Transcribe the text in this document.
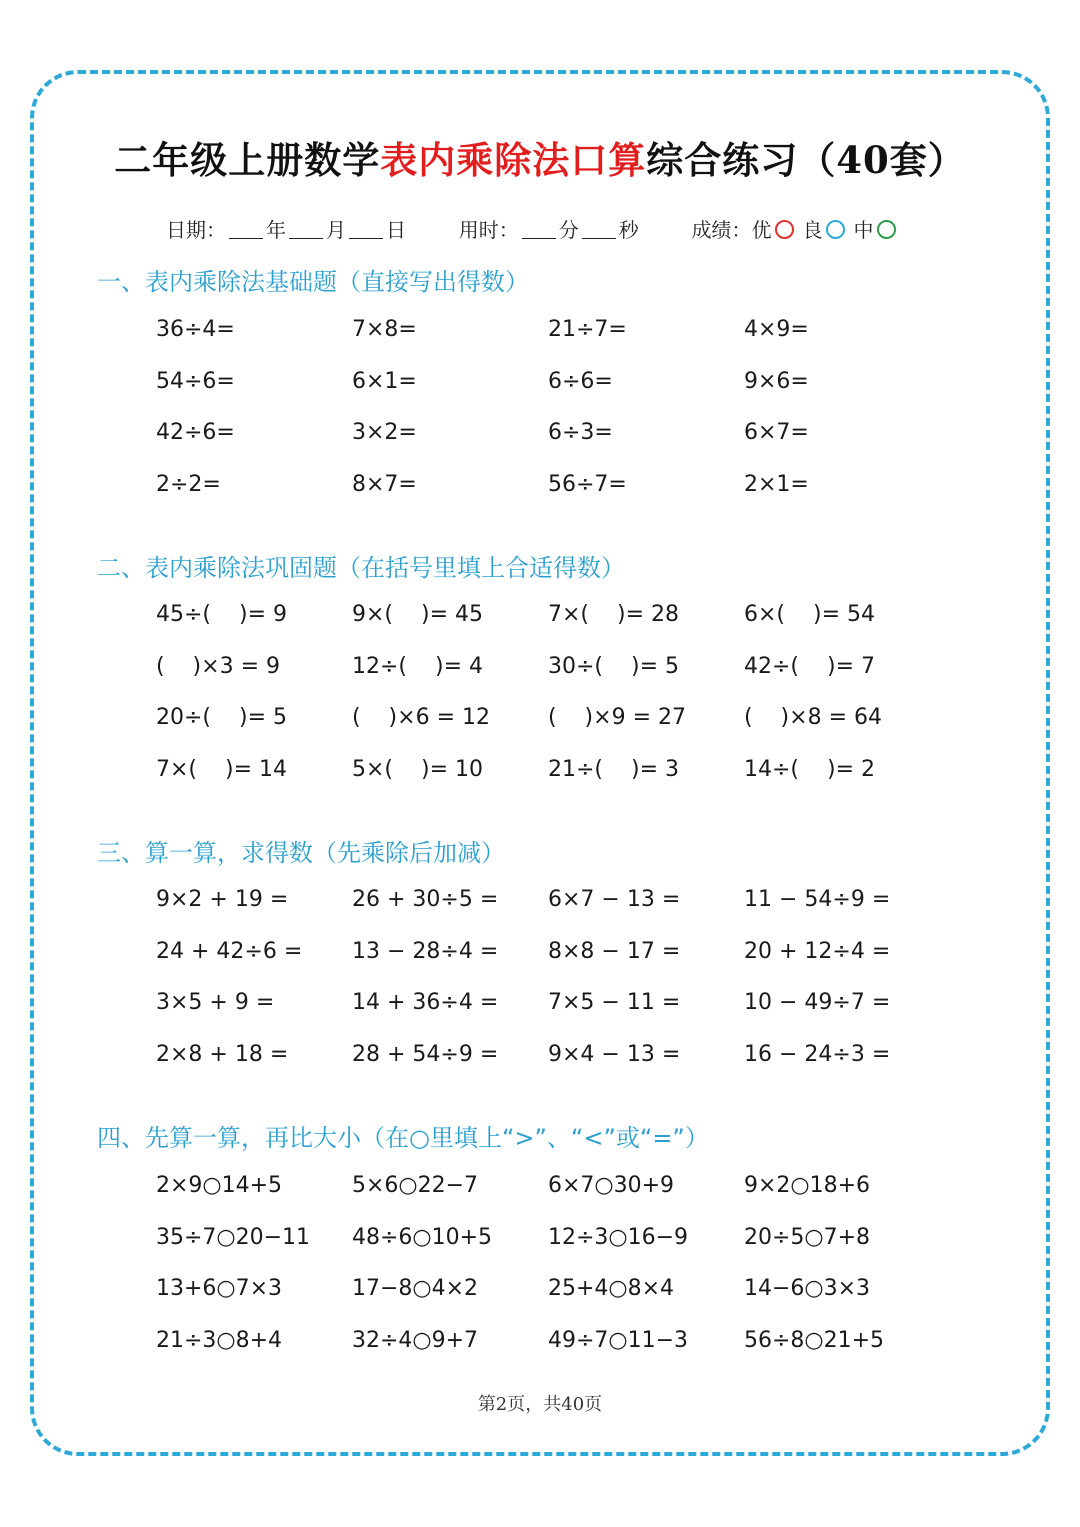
二年级上册数学表内乘除法口算综合练习（40套）
日期： 年 月 日	用时： 分 秒	成绩：优 良 中
一、表内乘除法基础题（直接写出得数）
36÷4=	7×8=	21÷7=	4×9=
54÷6=	6×1=	6÷6=	9×6=
42÷6=	3×2=	6÷3=	6×7=
2÷2=	8×7=	56÷7=	2×1=
二、表内乘除法巩固题（在括号里填上合适得数）
45÷(    )= 9	9×(    )= 45	7×(    )= 28	6×(    )= 54
(    )×3 = 9	12÷(    )= 4	30÷(    )= 5	42÷(    )= 7
20÷(    )= 5	(    )×6 = 12	(    )×9 = 27	(    )×8 = 64
7×(    )= 14	5×(    )= 10	21÷(    )= 3	14÷(    )= 2
三、算一算，求得数（先乘除后加减）
9×2 + 19 =	26 + 30÷5 =	6×7 − 13 =	11 − 54÷9 =
24 + 42÷6 =	13 − 28÷4 =	8×8 − 17 =	20 + 12÷4 =
3×5 + 9 =	14 + 36÷4 =	7×5 − 11 =	10 − 49÷7 =
2×8 + 18 =	28 + 54÷9 =	9×4 − 13 =	16 − 24÷3 =
四、先算一算，再比大小（在○里填上“>”、“<”或“=”）
2×9○14+5	5×6○22−7	6×7○30+9	9×2○18+6
35÷7○20−11	48÷6○10+5	12÷3○16−9	20÷5○7+8
13+6○7×3	17−8○4×2	25+4○8×4	14−6○3×3
21÷3○8+4	32÷4○9+7	49÷7○11−3	56÷8○21+5
第2页，共40页
